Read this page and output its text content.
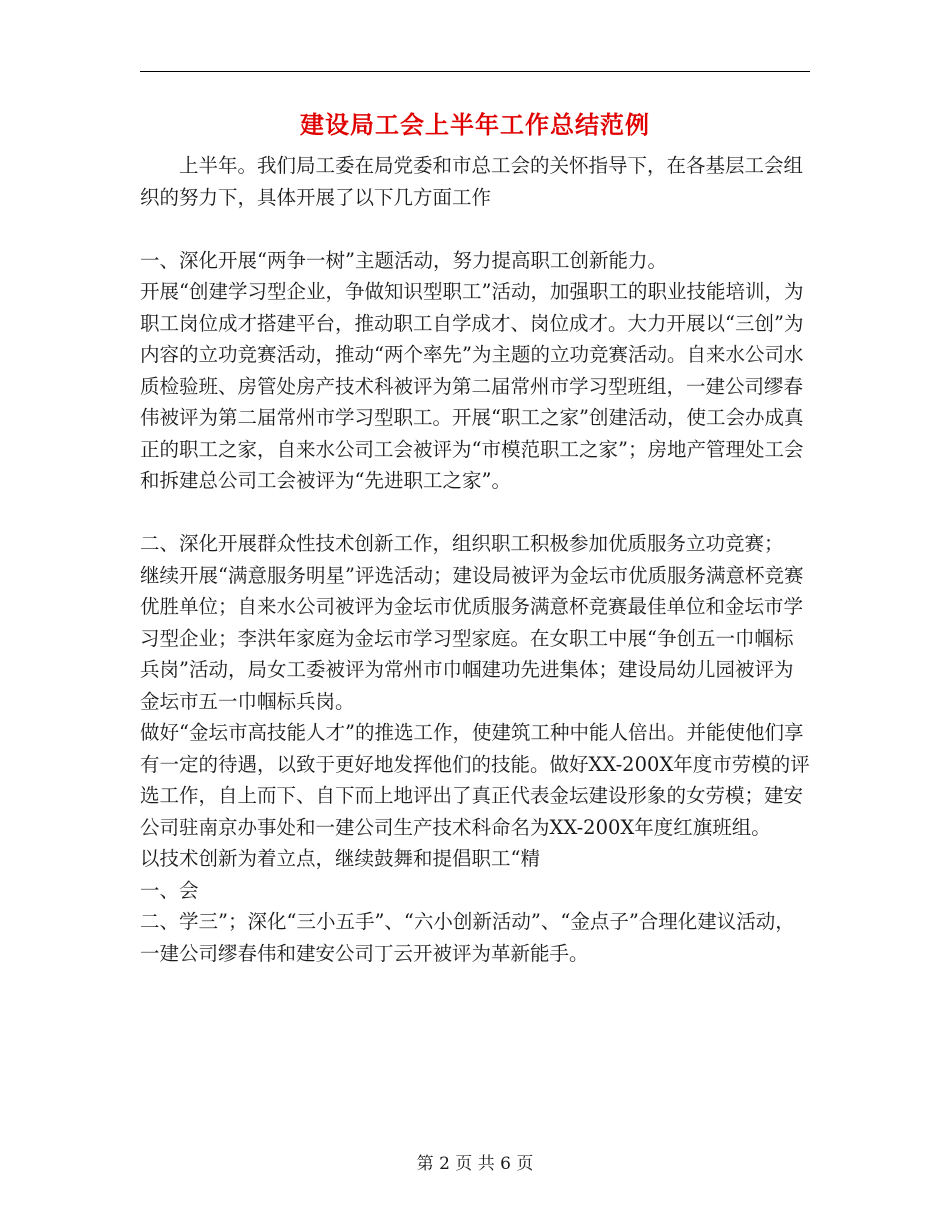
建设局工会上半年工作总结范例

上半年。我们局工委在局党委和市总工会的关怀指导下，在各基层工会组织的努力下，具体开展了以下几方面工作

一、深化开展“两争一树”主题活动，努力提高职工创新能力。

开展“创建学习型企业，争做知识型职工”活动，加强职工的职业技能培训，为职工岗位成才搭建平台，推动职工自学成才、岗位成才。大力开展以“三创”为内容的立功竞赛活动，推动“两个率先”为主题的立功竞赛活动。自来水公司水质检验班、房管处房产技术科被评为第二届常州市学习型班组，一建公司缪春伟被评为第二届常州市学习型职工。开展“职工之家”创建活动，使工会办成真正的职工之家，自来水公司工会被评为“市模范职工之家”；房地产管理处工会和拆建总公司工会被评为“先进职工之家”。

二、深化开展群众性技术创新工作，组织职工积极参加优质服务立功竞赛；

继续开展“满意服务明星”评选活动；建设局被评为金坛市优质服务满意杯竞赛优胜单位；自来水公司被评为金坛市优质服务满意杯竞赛最佳单位和金坛市学习型企业；李洪年家庭为金坛市学习型家庭。在女职工中展“争创五一巾帼标兵岗”活动，局女工委被评为常州市巾帼建功先进集体；建设局幼儿园被评为金坛市五一巾帼标兵岗。

做好“金坛市高技能人才”的推选工作，使建筑工种中能人倍出。并能使他们享有一定的待遇，以致于更好地发挥他们的技能。做好XX-200X年度市劳模的评选工作，自上而下、自下而上地评出了真正代表金坛建设形象的女劳模；建安公司驻南京办事处和一建公司生产技术科命名为XX-200X年度红旗班组。

以技术创新为着立点，继续鼓舞和提倡职工“精

一、会

二、学三”；深化“三小五手”、“六小创新活动”、“金点子”合理化建议活动，一建公司缪春伟和建安公司丁云开被评为革新能手。

第 2 页 共 6 页
